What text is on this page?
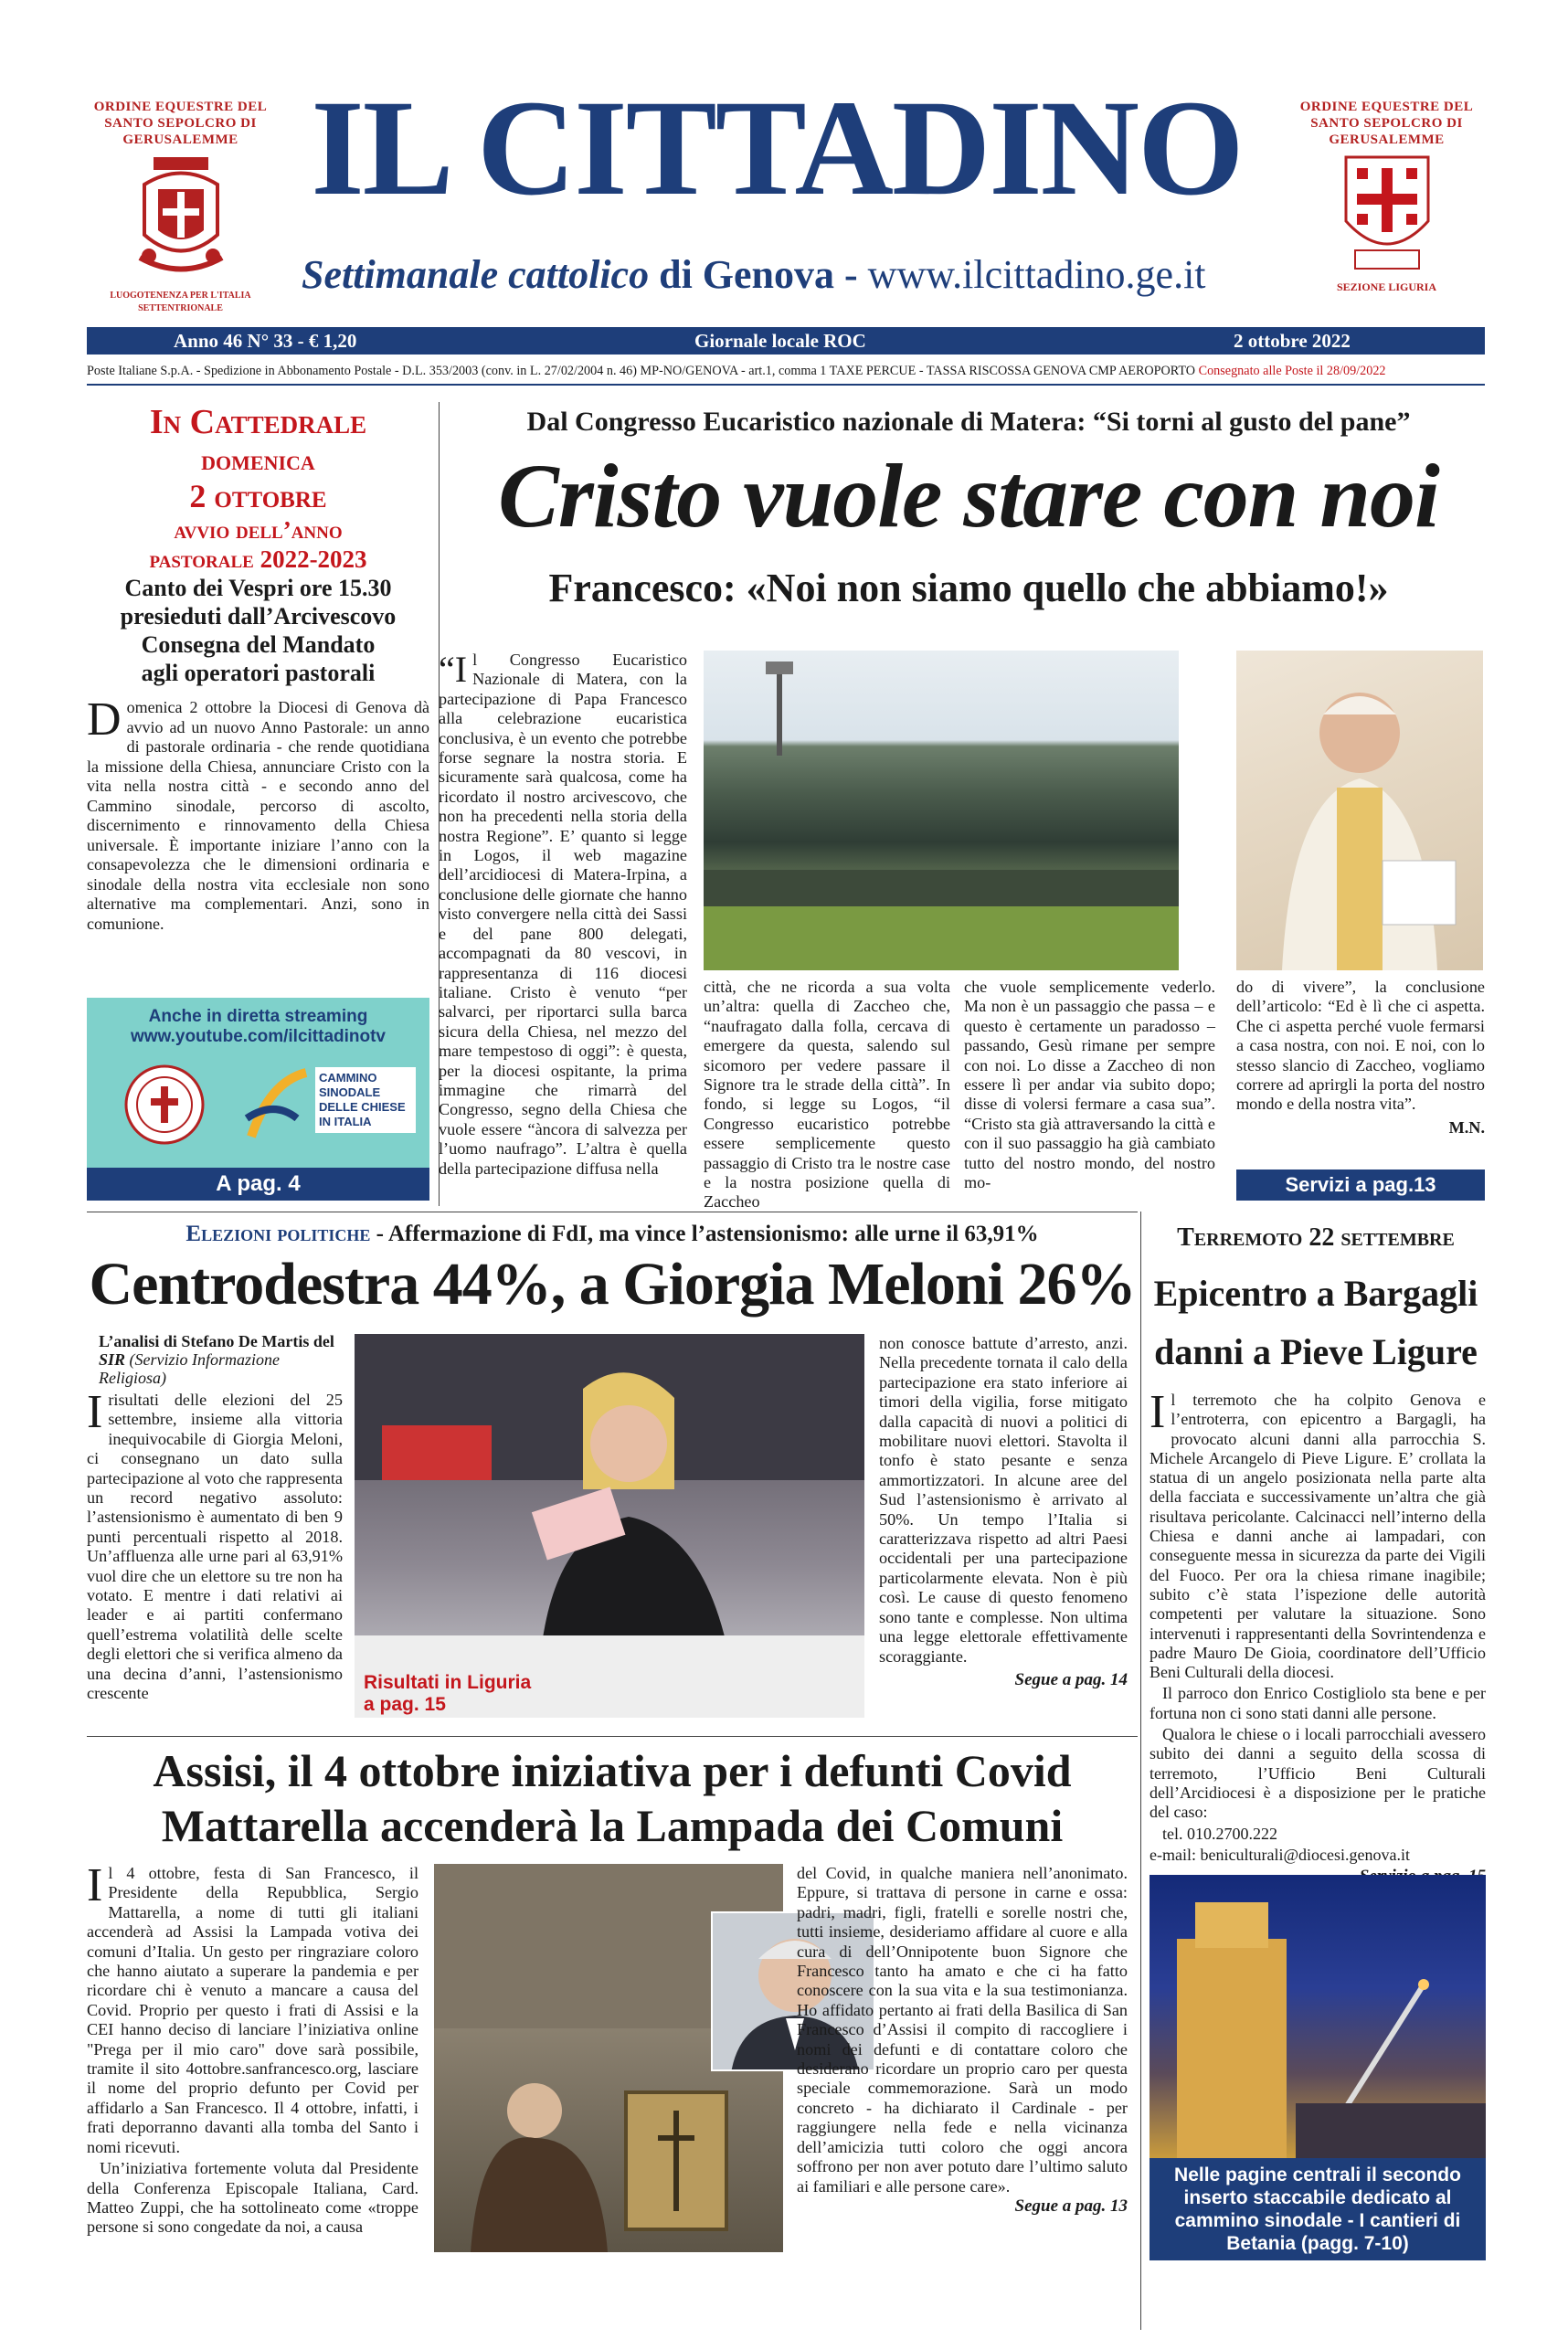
ORDINE EQUESTRE DEL SANTO SEPOLCRO DI GERUSALEMME
LUOGOTENENZA PER L'ITALIA SETTENTRIONALE
IL CITTADINO
Settimanale cattolico di Genova - www.ilcittadino.ge.it
ORDINE EQUESTRE DEL SANTO SEPOLCRO DI GERUSALEMME
SEZIONE LIGURIA
Anno 46 N° 33 - € 1,20	Giornale locale ROC	2 ottobre 2022
Poste Italiane S.p.A. - Spedizione in Abbonamento Postale - D.L. 353/2003 (conv. in L. 27/02/2004 n. 46) MP-NO/GENOVA - art.1, comma 1 TAXE PERCUE - TASSA RISCOSSA GENOVA CMP AEROPORTO Consegnato alle Poste il 28/09/2022
In Cattedrale
domenica
2 ottobre
avvio dell’anno
pastorale 2022-2023
Canto dei Vespri ore 15.30
presieduti dall’Arcivescovo
Consegna del Mandato
agli operatori pastorali
Domenica 2 ottobre la Diocesi di Genova dà avvio ad un nuovo Anno Pastorale: un anno di pastorale ordinaria - che rende quotidiana la missione della Chiesa, annunciare Cristo con la vita nella nostra città - e secondo anno del Cammino sinodale, percorso di ascolto, discernimento e rinnovamento della Chiesa universale. È importante iniziare l’anno con la consapevolezza che le dimensioni ordinaria e sinodale della nostra vita ecclesiale non sono alternative ma complementari. Anzi, sono in comunione.
Anche in diretta streaming
www.youtube.com/ilcittadinotv
CAMMINO SINODALE DELLE CHIESE IN ITALIA
A pag. 4
Dal Congresso Eucaristico nazionale di Matera: “Si torni al gusto del pane”
Cristo vuole stare con noi
Francesco: «Noi non siamo quello che abbiamo!»
“Il Congresso Eucaristico Nazionale di Matera, con la partecipazione di Papa Francesco alla celebrazione eucaristica conclusiva, è un evento che potrebbe forse segnare la nostra storia. E sicuramente sarà qualcosa, come ha ricordato il nostro arcivescovo, che non ha precedenti nella storia della nostra Regione”. E’ quanto si legge in Logos, il web magazine dell’arcidiocesi di Matera-Irpina, a conclusione delle giornate che hanno visto convergere nella città dei Sassi e del pane 800 delegati, accompagnati da 80 vescovi, in rappresentanza di 116 diocesi italiane. Cristo è venuto “per salvarci, per riportarci sulla barca sicura della Chiesa, nel mezzo del mare tempestoso di oggi”: è questa, per la diocesi ospitante, la prima immagine che rimarrà del Congresso, segno della Chiesa che vuole essere “àncora di salvezza per l’uomo naufrago”. L’altra è quella della partecipazione diffusa nella
città, che ne ricorda a sua volta un’altra: quella di Zaccheo che, “naufragato dalla folla, cercava di emergere da questa, salendo sul sicomoro per vedere passare il Signore tra le strade della città”. In fondo, si legge su Logos, “il Congresso eucaristico potrebbe essere semplicemente questo passaggio di Cristo tra le nostre case e la nostra posizione quella di Zaccheo
che vuole semplicemente vederlo. Ma non è un passaggio che passa – e questo è certamente un paradosso – passando, Gesù rimane per sempre con noi. Lo disse a Zaccheo di non essere lì per andar via subito dopo; disse di volersi fermare a casa sua”. “Cristo sta già attraversando la città e con il suo passaggio ha già cambiato tutto del nostro mondo, del nostro mo-
do di vivere”, la conclusione dell’articolo: “Ed è lì che ci aspetta. Che ci aspetta perché vuole fermarsi a casa nostra, con noi. E noi, con lo stesso slancio di Zaccheo, vogliamo correre ad aprirgli la porta del nostro mondo e della nostra vita”.
M.N.
Servizi a pag.13
Elezioni politiche - Affermazione di FdI, ma vince l’astensionismo: alle urne il 63,91%
Centrodestra 44%, a Giorgia Meloni 26%
L’analisi di Stefano De Martis del SIR (Servizio Informazione Religiosa)
Irisultati delle elezioni del 25 settembre, insieme alla vittoria inequivocabile di Giorgia Meloni, ci consegnano un dato sulla partecipazione al voto che rappresenta un record negativo assoluto: l’astensionismo è aumentato di ben 9 punti percentuali rispetto al 2018. Un’affluenza alle urne pari al 63,91% vuol dire che un elettore su tre non ha votato. E mentre i dati relativi ai leader e ai partiti confermano quell’estrema volatilità delle scelte degli elettori che si verifica almeno da una decina d’anni, l’astensionismo crescente
Risultati in Liguria
a pag. 15
non conosce battute d’arresto, anzi. Nella precedente tornata il calo della partecipazione era stato inferiore ai timori della vigilia, forse mitigato dalla capacità di nuovi a politici di mobilitare nuovi elettori. Stavolta il tonfo è stato pesante e senza ammortizzatori. In alcune aree del Sud l’astensionismo è arrivato al 50%. Un tempo l’Italia si caratterizzava rispetto ad altri Paesi occidentali per una partecipazione particolarmente elevata. Non è più così. Le cause di questo fenomeno sono tante e complesse. Non ultima una legge elettorale effettivamente scoraggiante.
Segue a pag. 14
Terremoto 22 settembre
Epicentro a Bargagli
danni a Pieve Ligure

Il terremoto che ha colpito Genova e l’entroterra, con epicentro a Bargagli, ha provocato alcuni danni alla parrocchia S. Michele Arcangelo di Pieve Ligure. E’ crollata la statua di un angelo posizionata nella parte alta della facciata e successivamente un’altra che già risultava pericolante. Calcinacci nell’interno della Chiesa e danni anche ai lampadari, con conseguente messa in sicurezza da parte dei Vigili del Fuoco. Per ora la chiesa rimane inagibile; subito c’è stata l’ispezione delle autorità competenti per valutare la situazione. Sono intervenuti i rappresentanti della Sovrintendenza e padre Mauro De Gioia, coordinatore dell’Ufficio Beni Culturali della diocesi.

Il parroco don Enrico Costigliolo sta bene e per fortuna non ci sono stati danni alle persone.

Qualora le chiese o i locali parrocchiali avessero subito dei danni a seguito della scossa di terremoto, l’Ufficio Beni Culturali dell’Arcidiocesi è a disposizione per le pratiche del caso:

tel. 010.2700.222

e-mail: beniculturali@diocesi.genova.it

Nelle pagine centrali il secondo inserto staccabile dedicato al cammino sinodale - I cantieri di Betania (pagg. 7-10)
Assisi, il 4 ottobre iniziativa per i defunti Covid
Mattarella accenderà la Lampada dei Comuni

Il 4 ottobre, festa di San Francesco, il Presidente della Repubblica, Sergio Mattarella, a nome di tutti gli italiani accenderà ad Assisi la Lampada votiva dei comuni d’Italia. Un gesto per ringraziare coloro che hanno aiutato a superare la pandemia e per ricordare chi è venuto a mancare a causa del Covid. Proprio per questo i frati di Assisi e la CEI hanno deciso di lanciare l’iniziativa online "Prega per il mio caro" dove sarà possibile, tramite il sito 4ottobre.sanfrancesco.org, lasciare il nome del proprio defunto per Covid per affidarlo a San Francesco. Il 4 ottobre, infatti, i frati deporranno davanti alla tomba del Santo i nomi ricevuti.

Un’iniziativa fortemente voluta dal Presidente della Conferenza Episcopale Italiana, Card. Matteo Zuppi, che ha sottolineato come «troppe persone si sono congedate da noi, a causa

del Covid, in qualche maniera nell’anonimato. Eppure, si trattava di persone in carne e ossa: padri, madri, figli, fratelli e sorelle nostri che, tutti insieme, desideriamo affidare al cuore e alla cura di dell’Onnipotente buon Signore che Francesco tanto ha amato e che ci ha fatto conoscere con la sua vita e la sua testimonianza. Ho affidato pertanto ai frati della Basilica di San Francesco d’Assisi il compito di raccogliere i nomi dei defunti e di contattare coloro che desiderano ricordare un proprio caro per questa speciale commemorazione. Sarà un modo concreto - ha dichiarato il Cardinale - per raggiungere nella fede e nella vicinanza dell’amicizia tutti coloro che oggi ancora soffrono per non aver potuto dare l’ultimo saluto ai familiari e alle persone care».
Segue a pag. 13
